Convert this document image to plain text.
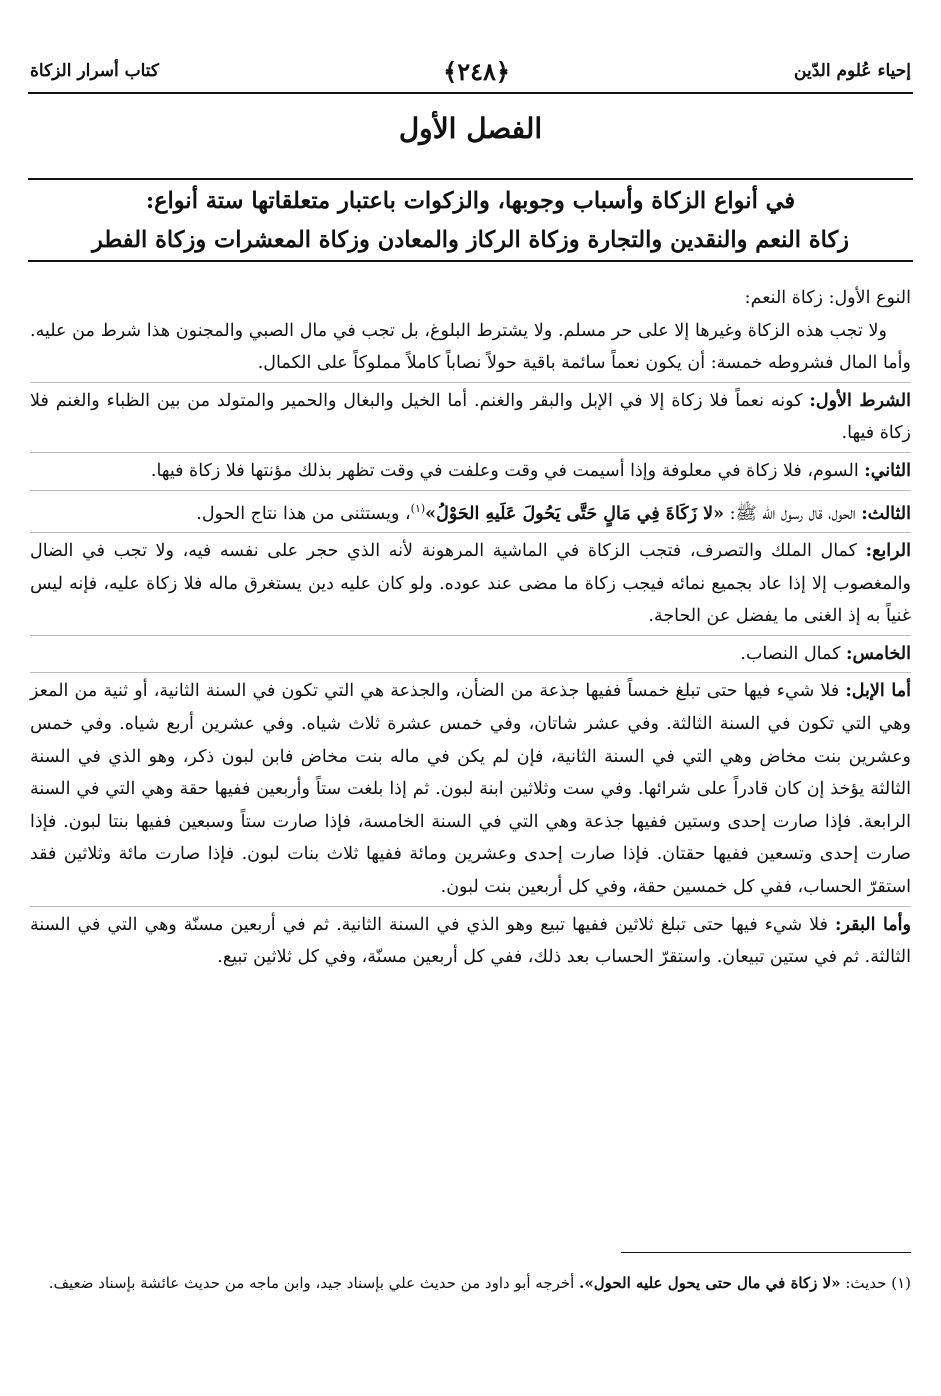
إحياء عُلوم الدّين
﴿٢٤٨﴾
كتاب أسرار الزكاة
الفصل الأول
في أنواع الزكاة وأسباب وجوبها، والزكوات باعتبار متعلقاتها ستة أنواع:
زكاة النعم والنقدين والتجارة وزكاة الركاز والمعادن وزكاة المعشرات وزكاة الفطر

النوع الأول: زكاة النعم:

ولا تجب هذه الزكاة وغيرها إلا على حر مسلم. ولا يشترط البلوغ، بل تجب في مال الصبي والمجنون هذا شرط من عليه. وأما المال فشروطه خمسة: أن يكون نعماً سائمة باقية حولاً نصاباً كاملاً مملوكاً على الكمال.

الشرط الأول: كونه نعماً فلا زكاة إلا في الإبل والبقر والغنم. أما الخيل والبغال والحمير والمتولد من بين الظباء والغنم فلا زكاة فيها.

الثاني: السوم، فلا زكاة في معلوفة وإذا أسيمت في وقت وعلفت في وقت تظهر بذلك مؤنتها فلا زكاة فيها.

الثالث: الحول، قال رسول الله ﷺ: «لا زَكَاةَ فِي مَالٍ حَتَّى يَحُولَ عَلَيهِ الحَوْلُ»$^{(١)}$، ويستثنى من هذا نتاج الحول.

الرابع: كمال الملك والتصرف، فتجب الزكاة في الماشية المرهونة لأنه الذي حجر على نفسه فيه، ولا تجب في الضال والمغصوب إلا إذا عاد بجميع نمائه فيجب زكاة ما مضى عند عوده. ولو كان عليه دين يستغرق ماله فلا زكاة عليه، فإنه ليس غنياً به إذ الغنى ما يفضل عن الحاجة.

الخامس: كمال النصاب.

أما الإبل: فلا شيء فيها حتى تبلغ خمساً ففيها جذعة من الضأن، والجذعة هي التي تكون في السنة الثانية، أو ثنية من المعز وهي التي تكون في السنة الثالثة. وفي عشر شاتان، وفي خمس عشرة ثلاث شياه. وفي عشرين أربع شياه. وفي خمس وعشرين بنت مخاض وهي التي في السنة الثانية، فإن لم يكن في ماله بنت مخاض فابن لبون ذكر، وهو الذي في السنة الثالثة يؤخذ إن كان قادراً على شرائها. وفي ست وثلاثين ابنة لبون. ثم إذا بلغت ستاً وأربعين ففيها حقة وهي التي في السنة الرابعة. فإذا صارت إحدى وستين ففيها جذعة وهي التي في السنة الخامسة، فإذا صارت ستاً وسبعين ففيها بنتا لبون. فإذا صارت إحدى وتسعين ففيها حقتان. فإذا صارت إحدى وعشرين ومائة ففيها ثلاث بنات لبون. فإذا صارت مائة وثلاثين فقد استقرّ الحساب، ففي كل خمسين حقة، وفي كل أربعين بنت لبون.

وأما البقر: فلا شيء فيها حتى تبلغ ثلاثين ففيها تبيع وهو الذي في السنة الثانية. ثم في أربعين مسنّة وهي التي في السنة الثالثة. ثم في ستين تبيعان. واستقرّ الحساب بعد ذلك، ففي كل أربعين مسنّة، وفي كل ثلاثين تبيع.

(١) حديث: «لا زكاة في مال حتى يحول عليه الحول». أخرجه أبو داود من حديث علي بإسناد جيد، وابن ماجه من حديث عائشة بإسناد ضعيف.
